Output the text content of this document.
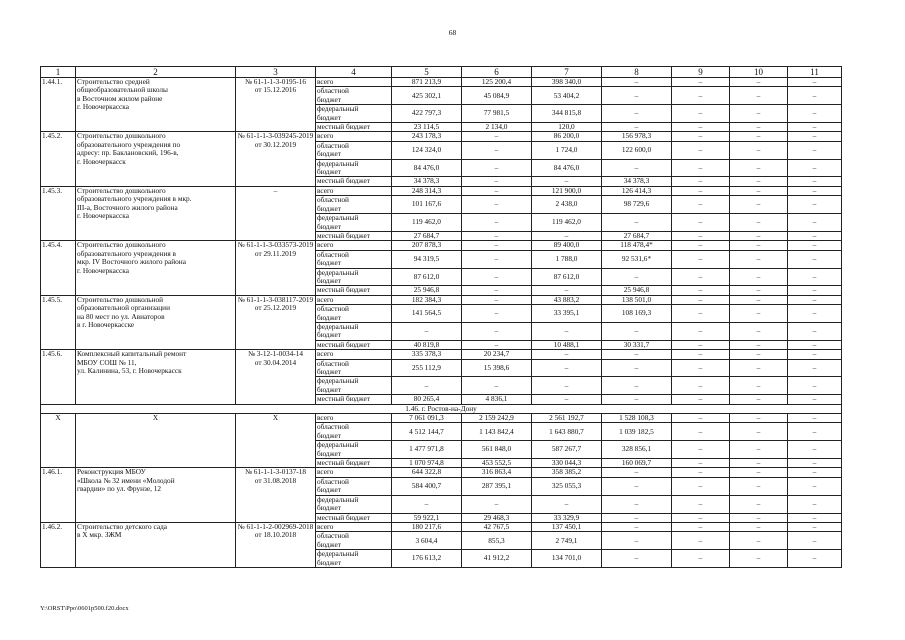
68
1	2	3	4	5	6	7	8	9	10	11
1.44.1.	Строительство средней
общеобразовательной школы
в Восточном жилом районе
г. Новочеркасска	№ 61-1-1-3-0195-16
от 15.12.2016	всего	871 213,9	125 200,4	398 340,0	–	–	–	–
			областной
бюджет	425 302,1	45 084,9	53 404,2	–	–	–	–
			федеральный
бюджет	422 797,3	77 981,5	344 815,8	–	–	–	–
			местный бюджет	23 114,5	2 134,0	120,0	–	–	–	–
1.45.2.	Строительство дошкольного
образовательного учреждения по
адресу: пр. Баклановский, 196-в,
г. Новочеркасск	№ 61-1-1-3-039245-2019
от 30.12.2019	всего	243 178,3	–	86 200,0	156 978,3	–	–	–
			областной
бюджет	124 324,0	–	1 724,0	122 600,0	–	–	–
			федеральный
бюджет	84 476,0	–	84 476,0	–	–	–	–
			местный бюджет	34 378,3	–	–	34 378,3	–	–	–
1.45.3.	Строительство дошкольного
образовательного учреждения в мкр.
III-а, Восточного жилого района
г. Новочеркасска	–	всего	248 314,3	–	121 900,0	126 414,3	–	–	–
			областной
бюджет	101 167,6	–	2 438,0	98 729,6	–	–	–
			федеральный
бюджет	119 462,0	–	119 462,0	–	–	–	–
			местный бюджет	27 684,7	–	–	27 684,7	–	–	–
1.45.4.	Строительство дошкольного
образовательного учреждения в
мкр. IV Восточного жилого района
г. Новочеркасска	№ 61-1-1-3-033573-2019
от 29.11.2019	всего	207 878,3	–	89 400,0	118 478,4*	–	–	–
			областной
бюджет	94 319,5	–	1 788,0	92 531,6*	–	–	–
			федеральный
бюджет	87 612,0	–	87 612,0	–	–	–	–
			местный бюджет	25 946,8	–	–	25 946,8	–	–	–
1.45.5.	Строительство дошкольной
образовательной организации
на 80 мест по ул. Авиаторов
в г. Новочеркасске	№ 61-1-1-3-038117-2019
от 25.12.2019	всего	182 384,3	–	43 883,2	138 501,0	–	–	–
			областной
бюджет	141 564,5	–	33 395,1	108 169,3	–	–	–
			федеральный
бюджет	–	–	–	–	–	–	–
			местный бюджет	40 819,8	–	10 488,1	30 331,7	–	–	–
1.45.6.	Комплексный капитальный ремонт
МБОУ СОШ № 11,
ул. Калинина, 53, г. Новочеркасск	№ 3-12-1-0034-14
от 30.04.2014	всего	335 378,3	20 234,7	–	–	–	–	–
			областной
бюджет	255 112,9	15 398,6	–	–	–	–	–
			федеральный
бюджет	–	–	–	–	–	–	–
			местный бюджет	80 265,4	4 836,1	–	–	–	–	–
1.46. г. Ростов-на-Дону										
Х	Х	Х	всего	7 061 091,3	2 159 242,9	2 561 192,7	1 528 108,3	–	–	–
			областной
бюджет	4 512 144,7	1 143 842,4	1 643 880,7	1 039 182,5	–	–	–
			федеральный
бюджет	1 477 971,8	561 848,0	587 267,7	328 856,1	–	–	–
			местный бюджет	1 070 974,8	453 552,5	330 044,3	160 069,7	–	–	–
1.46.1.	Реконструкция МБОУ
«Школа № 32 имени «Молодой
гвардии» по ул. Фрунзе, 12	№ 61-1-1-3-0137-18
от 31.08.2018	всего	644 322,8	316 863,4	358 385,2	–	–	–	–
			областной
бюджет	584 400,7	287 395,1	325 055,3	–	–	–	–
			федеральный
бюджет	–	–	–	–	–	–	–
			местный бюджет	59 922,1	29 468,3	33 329,9	–	–	–	–
1.46.2.	Строительство детского сада
в X мкр. ЗЖМ	№ 61-1-1-2-002969-2018
от 18.10.2018	всего	180 217,6	42 767,5	137 450,1	–	–	–	–
			областной
бюджет	3 604,4	855,3	2 749,1	–	–	–	–
			федеральный
бюджет	176 613,2	41 912,2	134 701,0	–	–	–	–
Y:\ORST\Ppo\0601p500.f20.docx
